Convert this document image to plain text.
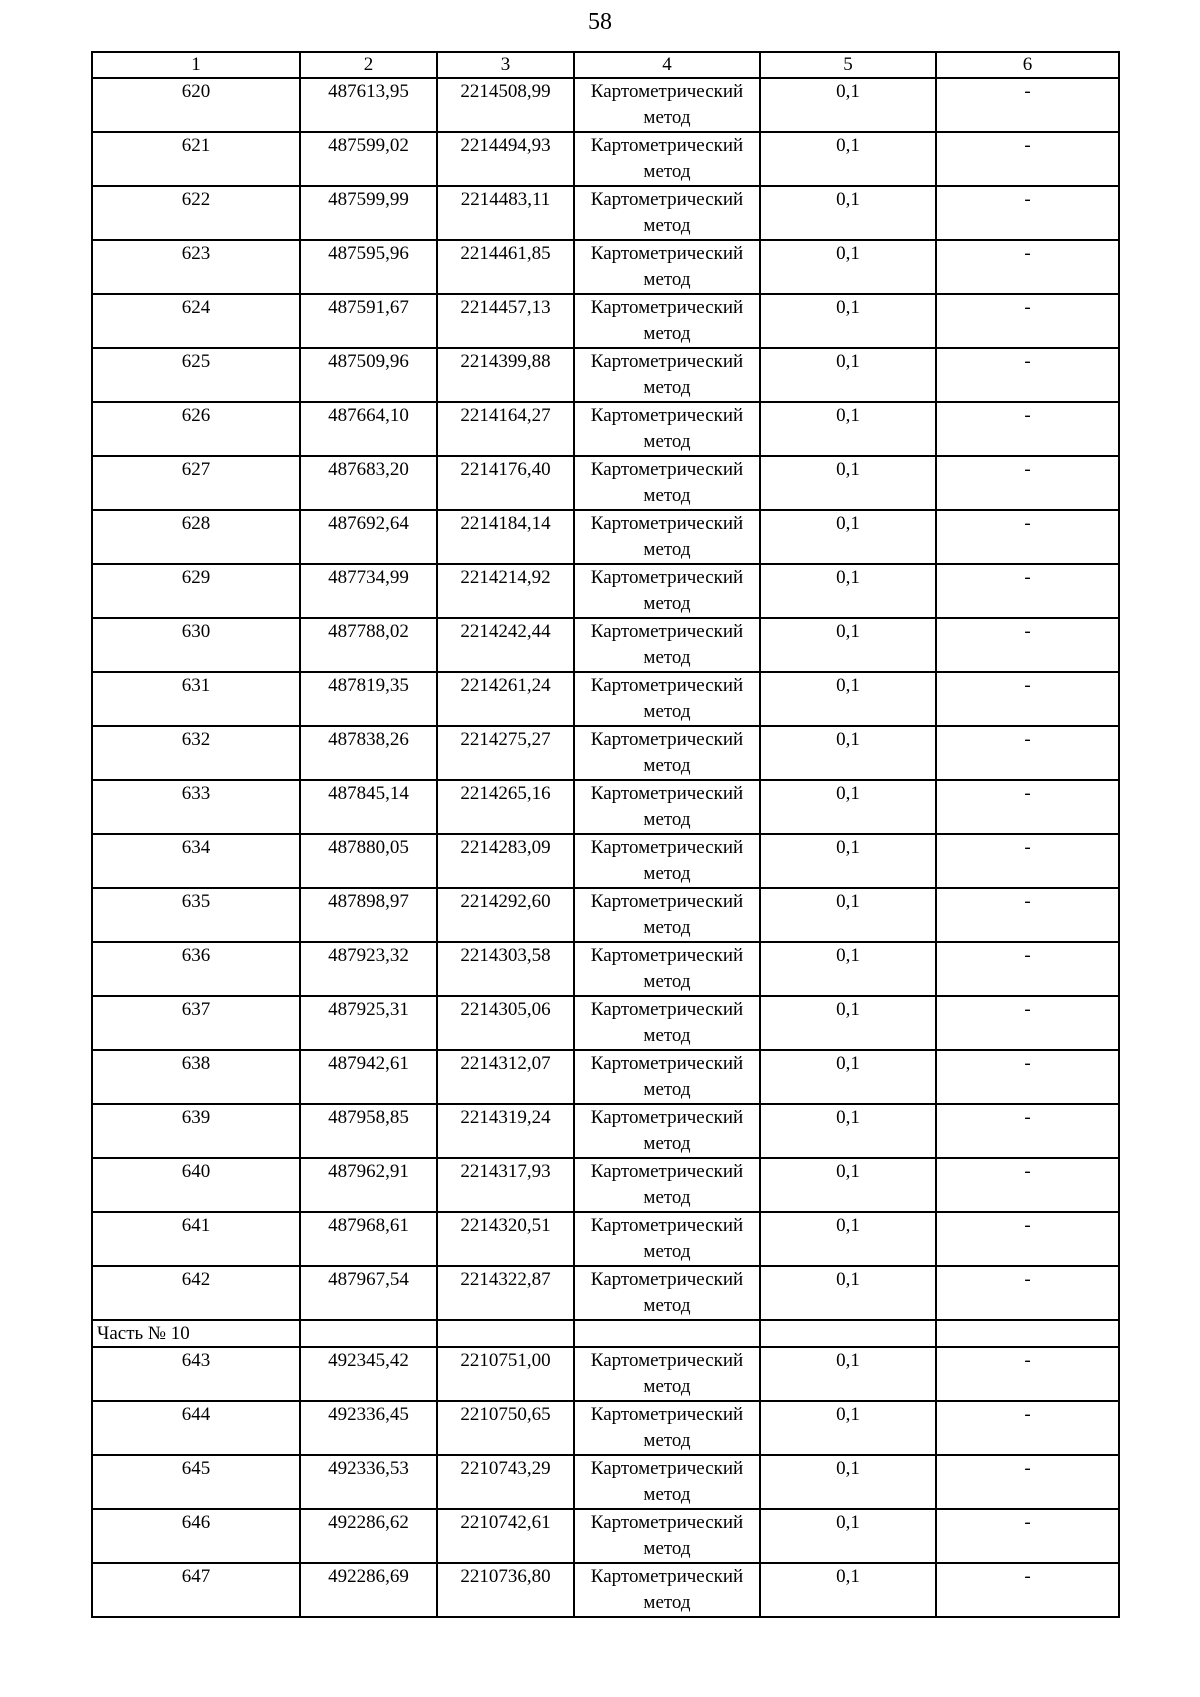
58
1	2	3	4	5	6
620	487613,95	2214508,99	Картометрический метод	0,1	-
621	487599,02	2214494,93	Картометрический метод	0,1	-
622	487599,99	2214483,11	Картометрический метод	0,1	-
623	487595,96	2214461,85	Картометрический метод	0,1	-
624	487591,67	2214457,13	Картометрический метод	0,1	-
625	487509,96	2214399,88	Картометрический метод	0,1	-
626	487664,10	2214164,27	Картометрический метод	0,1	-
627	487683,20	2214176,40	Картометрический метод	0,1	-
628	487692,64	2214184,14	Картометрический метод	0,1	-
629	487734,99	2214214,92	Картометрический метод	0,1	-
630	487788,02	2214242,44	Картометрический метод	0,1	-
631	487819,35	2214261,24	Картометрический метод	0,1	-
632	487838,26	2214275,27	Картометрический метод	0,1	-
633	487845,14	2214265,16	Картометрический метод	0,1	-
634	487880,05	2214283,09	Картометрический метод	0,1	-
635	487898,97	2214292,60	Картометрический метод	0,1	-
636	487923,32	2214303,58	Картометрический метод	0,1	-
637	487925,31	2214305,06	Картометрический метод	0,1	-
638	487942,61	2214312,07	Картометрический метод	0,1	-
639	487958,85	2214319,24	Картометрический метод	0,1	-
640	487962,91	2214317,93	Картометрический метод	0,1	-
641	487968,61	2214320,51	Картометрический метод	0,1	-
642	487967,54	2214322,87	Картометрический метод	0,1	-
Часть № 10					
643	492345,42	2210751,00	Картометрический метод	0,1	-
644	492336,45	2210750,65	Картометрический метод	0,1	-
645	492336,53	2210743,29	Картометрический метод	0,1	-
646	492286,62	2210742,61	Картометрический метод	0,1	-
647	492286,69	2210736,80	Картометрический метод	0,1	-
